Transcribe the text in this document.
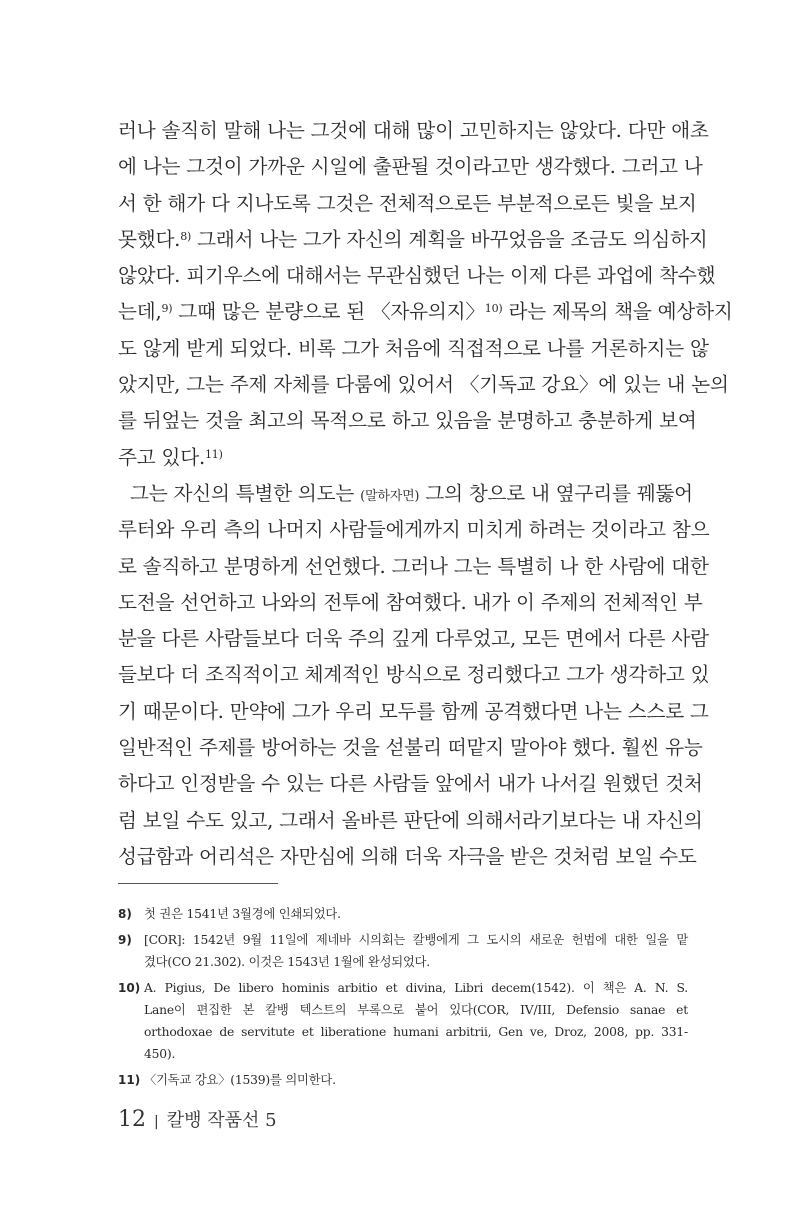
러나 솔직히 말해 나는 그것에 대해 많이 고민하지는 않았다. 다만 애초
에 나는 그것이 가까운 시일에 출판될 것이라고만 생각했다. 그러고 나
서 한 해가 다 지나도록 그것은 전체적으로든 부분적으로든 빛을 보지
못했다.$^{8)}$ 그래서 나는 그가 자신의 계획을 바꾸었음을 조금도 의심하지
않았다. 피기우스에 대해서는 무관심했던 나는 이제 다른 과업에 착수했
는데,$^{9)}$ 그때 많은 분량으로 된 〈자유의지〉$^{10)}$ 라는 제목의 책을 예상하지
도 않게 받게 되었다. 비록 그가 처음에 직접적으로 나를 거론하지는 않
았지만, 그는 주제 자체를 다룸에 있어서 〈기독교 강요〉에 있는 내 논의
를 뒤엎는 것을 최고의 목적으로 하고 있음을 분명하고 충분하게 보여
주고 있다.$^{11)}$
그는 자신의 특별한 의도는 (말하자면) 그의 창으로 내 옆구리를 꿰뚫어
루터와 우리 측의 나머지 사람들에게까지 미치게 하려는 것이라고 참으
로 솔직하고 분명하게 선언했다. 그러나 그는 특별히 나 한 사람에 대한
도전을 선언하고 나와의 전투에 참여했다. 내가 이 주제의 전체적인 부
분을 다른 사람들보다 더욱 주의 깊게 다루었고, 모든 면에서 다른 사람
들보다 더 조직적이고 체계적인 방식으로 정리했다고 그가 생각하고 있
기 때문이다. 만약에 그가 우리 모두를 함께 공격했다면 나는 스스로 그
일반적인 주제를 방어하는 것을 섣불리 떠맡지 말아야 했다. 훨씬 유능
하다고 인정받을 수 있는 다른 사람들 앞에서 내가 나서길 원했던 것처
럼 보일 수도 있고, 그래서 올바른 판단에 의해서라기보다는 내 자신의
성급함과 어리석은 자만심에 의해 더욱 자극을 받은 것처럼 보일 수도
8) 첫 권은 1541년 3월경에 인쇄되었다.
9) [COR]: 1542년 9월 11일에 제네바 시의회는 칼뱅에게 그 도시의 새로운 헌법에 대한 일을 맡
겼다(CO 21.302). 이것은 1543년 1월에 완성되었다.
10) A. Pigius, De libero hominis arbitio et divina, Libri decem(1542). 이 책은 A. N. S.
Lane이 편집한 본 칼뱅 텍스트의 부록으로 붙어 있다(COR, IV/III, Defensio sanae et
orthodoxae de servitute et liberatione humani arbitrii, Gen ve, Droz, 2008, pp. 331-
450).
11) 〈기독교 강요〉(1539)를 의미한다.
12 | 칼뱅 작품선 5
